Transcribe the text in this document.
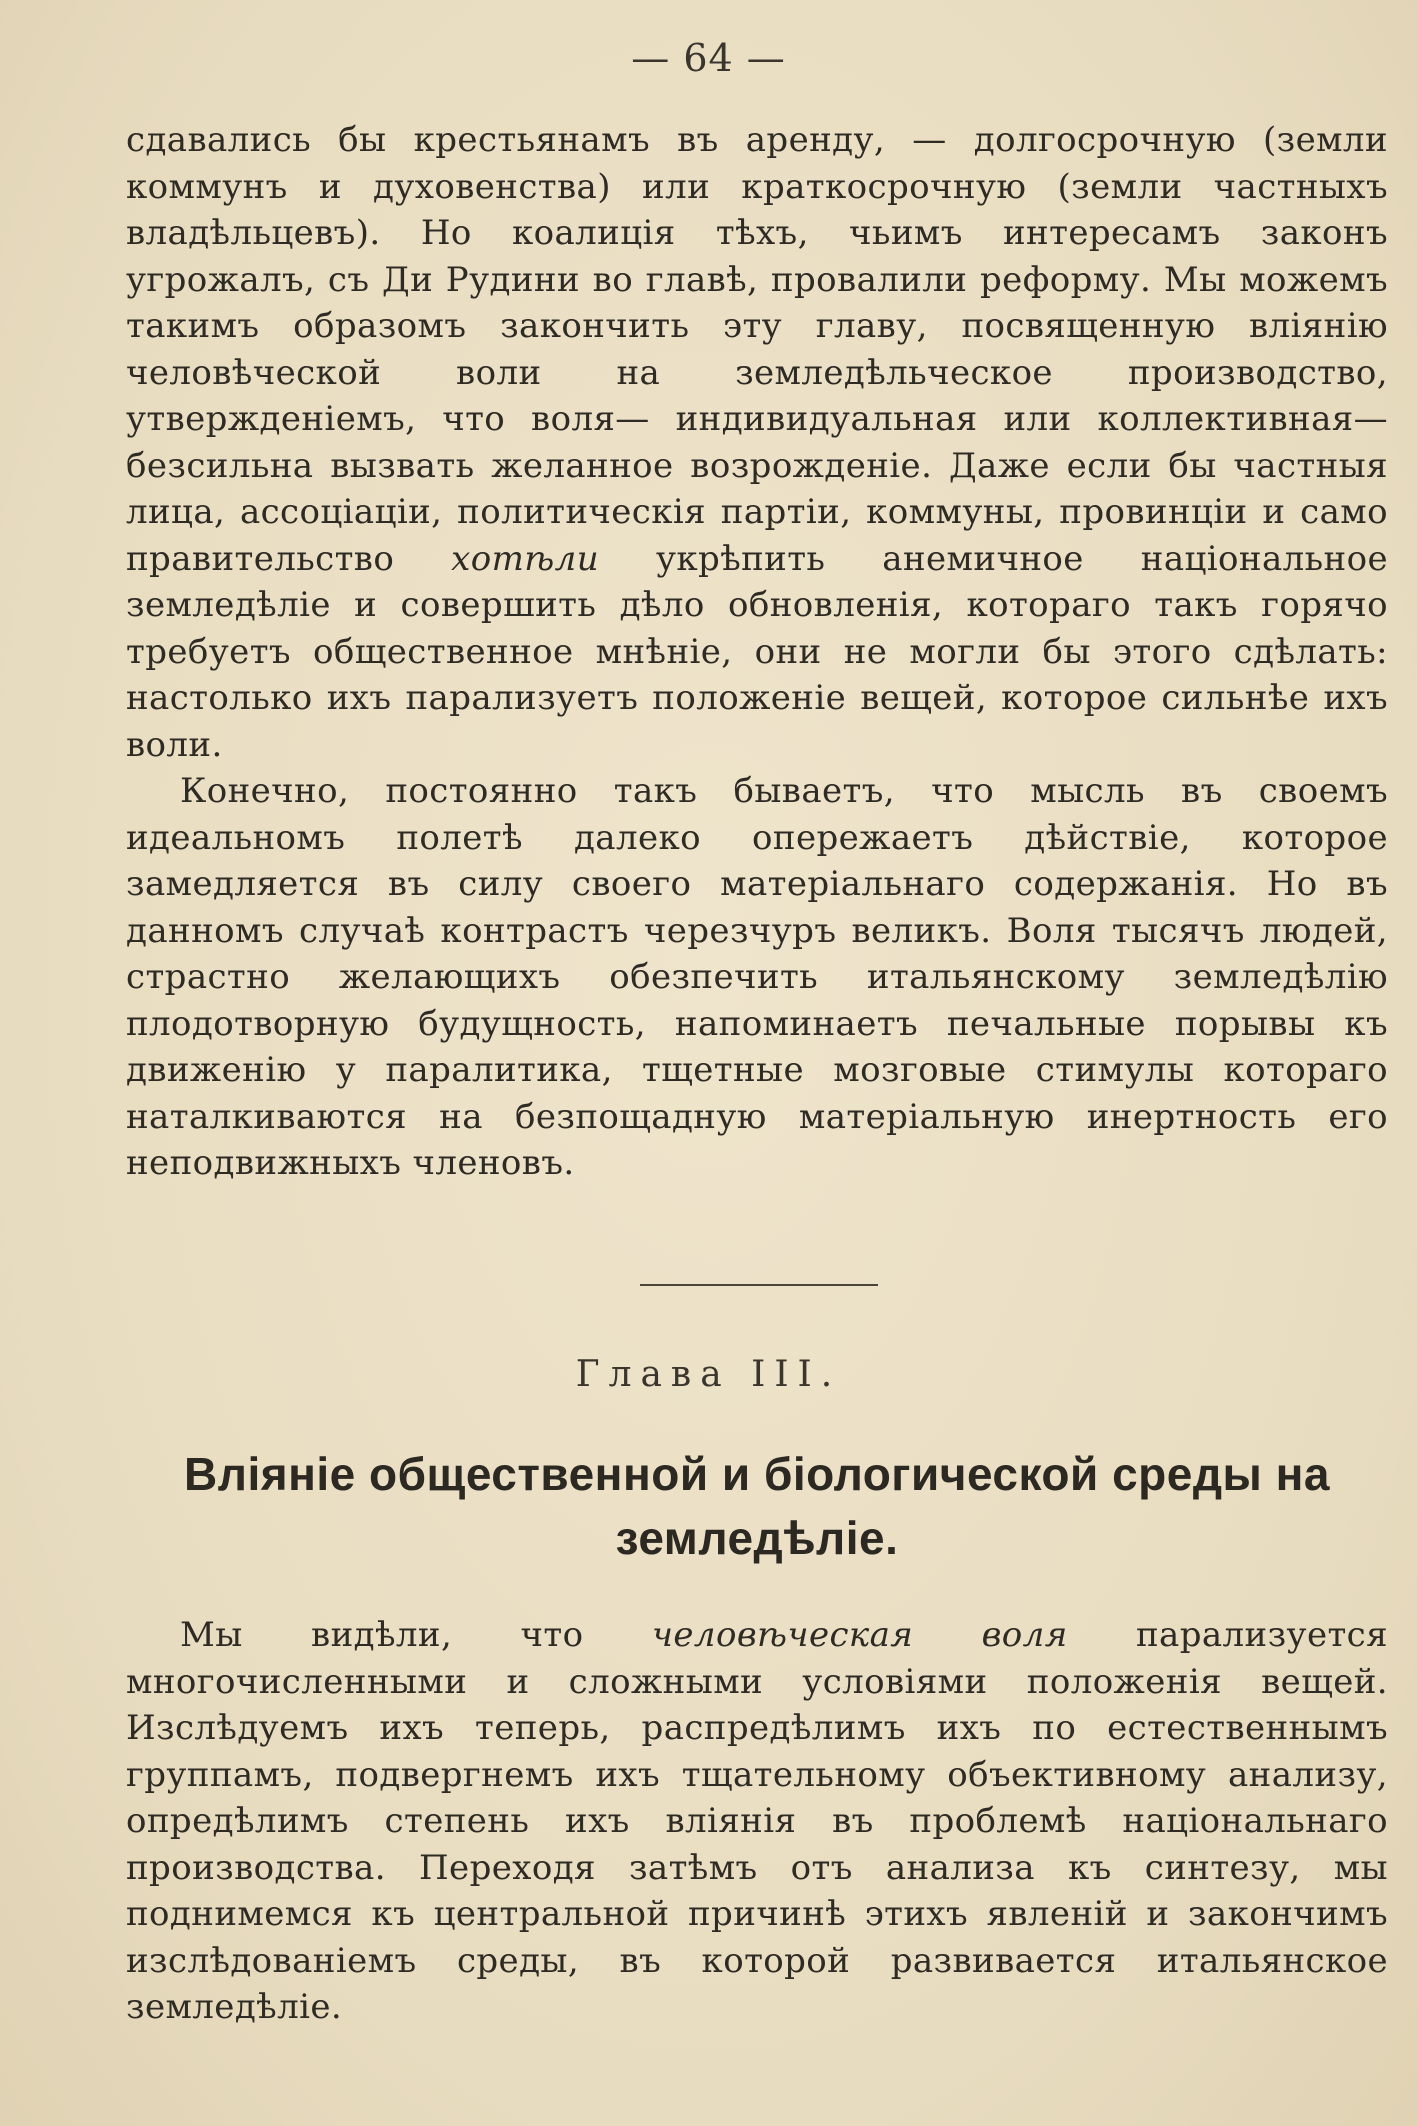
— 64 —

сдавались бы крестьянамъ въ аренду, — долгосрочную (земли коммунъ и духовенства) или краткосрочную (земли частныхъ владѣльцевъ). Но коалиція тѣхъ, чьимъ интересамъ законъ угрожалъ, съ Ди Рудини во главѣ, провалили реформу. Мы можемъ такимъ образомъ закончить эту главу, посвященную вліянію человѣческой воли на земледѣльческое производство, утвержденіемъ, что воля— индивидуальная или коллективная—безсильна вызвать желанное возрожденіе. Даже если бы частныя лица, ассоціаціи, политическія партіи, коммуны, провинціи и само правительство хотѣли укрѣпить анемичное національное земледѣліе и совершить дѣло обновленія, котораго такъ горячо требуетъ общественное мнѣніе, они не могли бы этого сдѣлать: настолько ихъ парализуетъ положеніе вещей, которое сильнѣе ихъ воли.

Конечно, постоянно такъ бываетъ, что мысль въ своемъ идеальномъ полетѣ далеко опережаетъ дѣйствіе, которое замедляется въ силу своего матеріальнаго содержанія. Но въ данномъ случаѣ контрастъ черезчуръ великъ. Воля тысячъ людей, страстно желающихъ обезпечить итальянскому земледѣлію плодотворную будущность, напоминаетъ печальные порывы къ движенію у паралитика, тщетные мозговые стимулы котораго наталкиваются на безпощадную матеріальную инертность его неподвижныхъ членовъ.

Глава III.
Вліяніе общественной и біологической среды на земледѣліе.

Мы видѣли, что человѣческая воля парализуется многочисленными и сложными условіями положенія вещей. Изслѣдуемъ ихъ теперь, распредѣлимъ ихъ по естественнымъ группамъ, подвергнемъ ихъ тщательному объективному анализу, опредѣлимъ степень ихъ вліянія въ проблемѣ національнаго производства. Переходя затѣмъ отъ анализа къ синтезу, мы поднимемся къ центральной причинѣ этихъ явленій и закончимъ изслѣдованіемъ среды, въ которой развивается итальянское земледѣліе.
